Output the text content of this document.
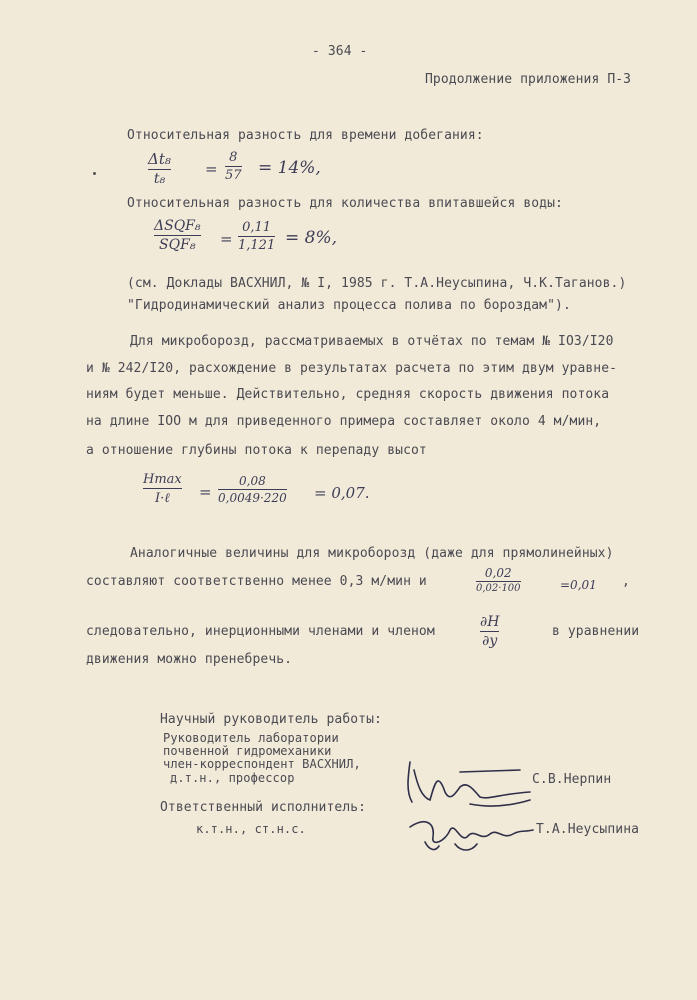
- 364 -
Продолжение приложения П-3
Относительная разность для времени добегания:
Δt₈
t₈
=
8
57 = 14%,
Относительная разность для количества впитавшейся воды:
ΔSQF₈
SQF₈ =
0,11
1,121 = 8%,
(см. Доклады ВАСХНИЛ, № I, 1985 г. Т.А.Неусыпина, Ч.К.Таганов.)
"Гидродинамический анализ процесса полива по бороздам").
Для микроборозд, рассматриваемых в отчётах по темам № IO3/I20
и № 242/I20, расхождение в результатах расчета по этим двум уравне-
ниям будет меньше. Действительно, средняя скорость движения потока
на длине IOO м для приведенного примера составляет около 4 м/мин,
а отношение глубины потока к перепаду высот
Hmax
I·ℓ =
0,08
0,0049·220 = 0,07.
Аналогичные величины для микроборозд (даже для прямолинейных)
составляют соответственно менее 0,3 м/мин и
0,02
0,02·100	=0,01 ,
следовательно, инерционными членами и членом
∂H
∂y
в уравнении
движения можно пренебречь.
Научный руководитель работы:
Руководитель лаборатории
почвенной гидромеханики
член-корреспондент ВАСХНИЛ,
д.т.н., профессор	С.В.Нерпин
Ответственный исполнитель:
к.т.н., ст.н.с.	Т.А.Неусыпина
